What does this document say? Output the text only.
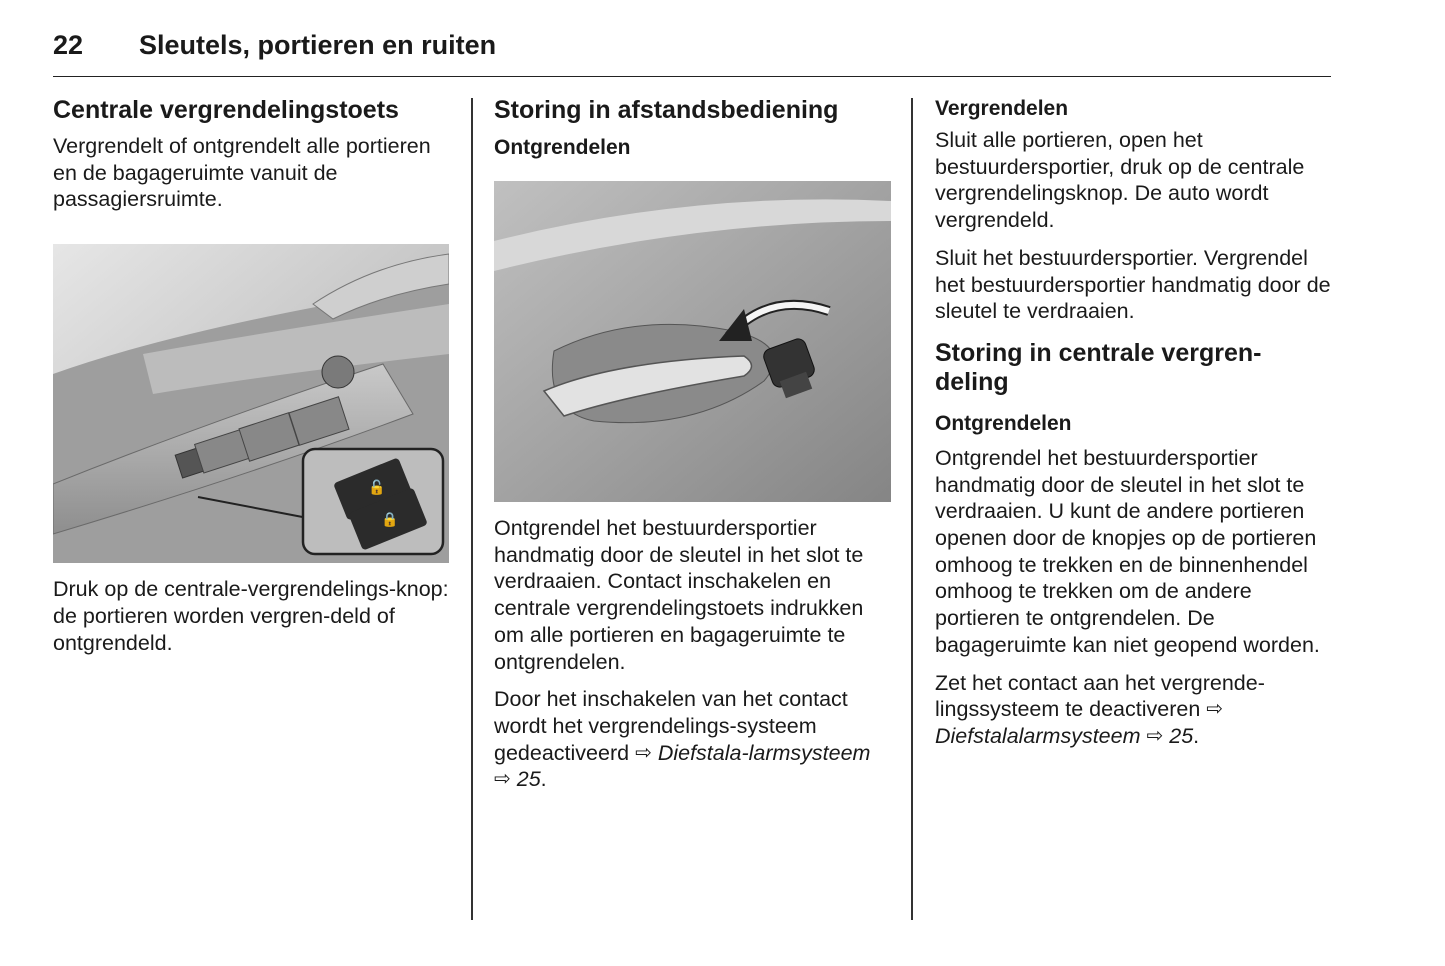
22 Sleutels, portieren en ruiten
Centrale vergrendelingstoets

Vergrendelt of ontgrendelt alle portieren en de bagageruimte vanuit de passagiersruimte.

🔓
🔒

Druk op de centrale-vergrendelings-knop: de portieren worden vergren-deld of ontgrendeld.

Storing in afstandsbediening
Ontgrendelen

Ontgrendel het bestuurdersportier handmatig door de sleutel in het slot te verdraaien. Contact inschakelen en centrale vergrendelingstoets indrukken om alle portieren en bagageruimte te ontgrendelen.

Door het inschakelen van het contact wordt het vergrendelings-systeem gedeactiveerd ⇨ Diefstala-larmsysteem ⇨ 25.

Vergrendelen

Sluit alle portieren, open het bestuurdersportier, druk op de centrale vergrendelingsknop. De auto wordt vergrendeld.

Sluit het bestuurdersportier. Vergrendel het bestuurdersportier handmatig door de sleutel te verdraaien.

Storing in centrale vergren-deling
Ontgrendelen

Ontgrendel het bestuurdersportier handmatig door de sleutel in het slot te verdraaien. U kunt de andere portieren openen door de knopjes op de portieren omhoog te trekken en de binnenhendel omhoog te trekken om de andere portieren te ontgrendelen. De bagageruimte kan niet geopend worden.

Zet het contact aan het vergrende-lingssysteem te deactiveren ⇨ Diefstalalarmsysteem ⇨ 25.
